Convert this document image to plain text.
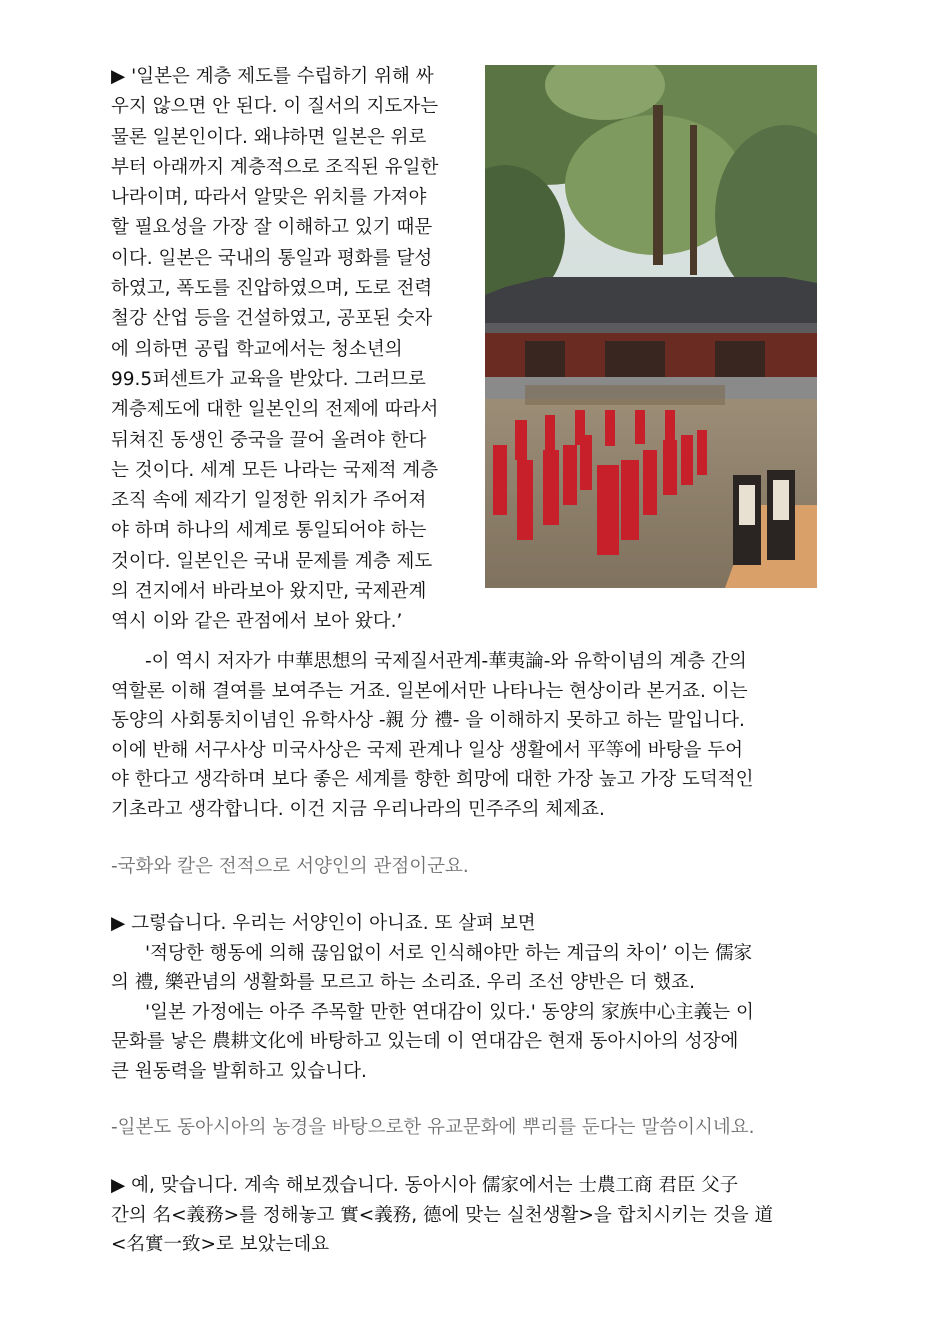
▶ '일본은 계층 제도를 수립하기 위해 싸
우지 않으면 안 된다. 이 질서의 지도자는
물론 일본인이다. 왜냐하면 일본은 위로
부터 아래까지 계층적으로 조직된 유일한
나라이며, 따라서 알맞은 위치를 가져야
할 필요성을 가장 잘 이해하고 있기 때문
이다. 일본은 국내의 통일과 평화를 달성
하였고, 폭도를 진압하였으며, 도로 전력
철강 산업 등을 건설하였고, 공포된 숫자
에 의하면 공립 학교에서는 청소년의
99.5퍼센트가 교육을 받았다. 그러므로
계층제도에 대한 일본인의 전제에 따라서
뒤쳐진 동생인 중국을 끌어 올려야 한다
는 것이다. 세계 모든 나라는 국제적 계층
조직 속에 제각기 일정한 위치가 주어져
야 하며 하나의 세계로 통일되어야 하는
것이다. 일본인은 국내 문제를 계층 제도
의 견지에서 바라보아 왔지만, 국제관계
역시 이와 같은 관점에서 보아 왔다.’
-이 역시 저자가 中華思想의 국제질서관계-華夷論-와 유학이념의 계층 간의
역할론 이해 결여를 보여주는 거죠. 일본에서만 나타나는 현상이라 본거죠. 이는
동양의 사회통치이념인 유학사상 -親 分 禮- 을 이해하지 못하고 하는 말입니다.
이에 반해 서구사상 미국사상은 국제 관계나 일상 생활에서 平等에 바탕을 두어
야 한다고 생각하며 보다 좋은 세계를 향한 희망에 대한 가장 높고 가장 도덕적인
기초라고 생각합니다. 이건 지금 우리나라의 민주주의 체제죠.
-국화와 칼은 전적으로 서양인의 관점이군요.
▶ 그렇습니다. 우리는 서양인이 아니죠. 또 살펴 보면
'적당한 행동에 의해 끊임없이 서로 인식해야만 하는 계급의 차이’ 이는 儒家
의 禮, 樂관념의 생활화를 모르고 하는 소리죠. 우리 조선 양반은 더 했죠.
'일본 가정에는 아주 주목할 만한 연대감이 있다.' 동양의 家族中心主義는 이
문화를 낳은 農耕文化에 바탕하고 있는데 이 연대감은 현재 동아시아의 성장에
큰 원동력을 발휘하고 있습니다.
-일본도 동아시아의 농경을 바탕으로한 유교문화에 뿌리를 둔다는 말씀이시네요.
▶ 예, 맞습니다. 계속 해보겠습니다. 동아시아 儒家에서는 士農工商 君臣 父子
간의 名<義務>를 정해놓고 實<義務, 德에 맞는 실천생활>을 합치시키는 것을 道
<名實一致>로 보았는데요
